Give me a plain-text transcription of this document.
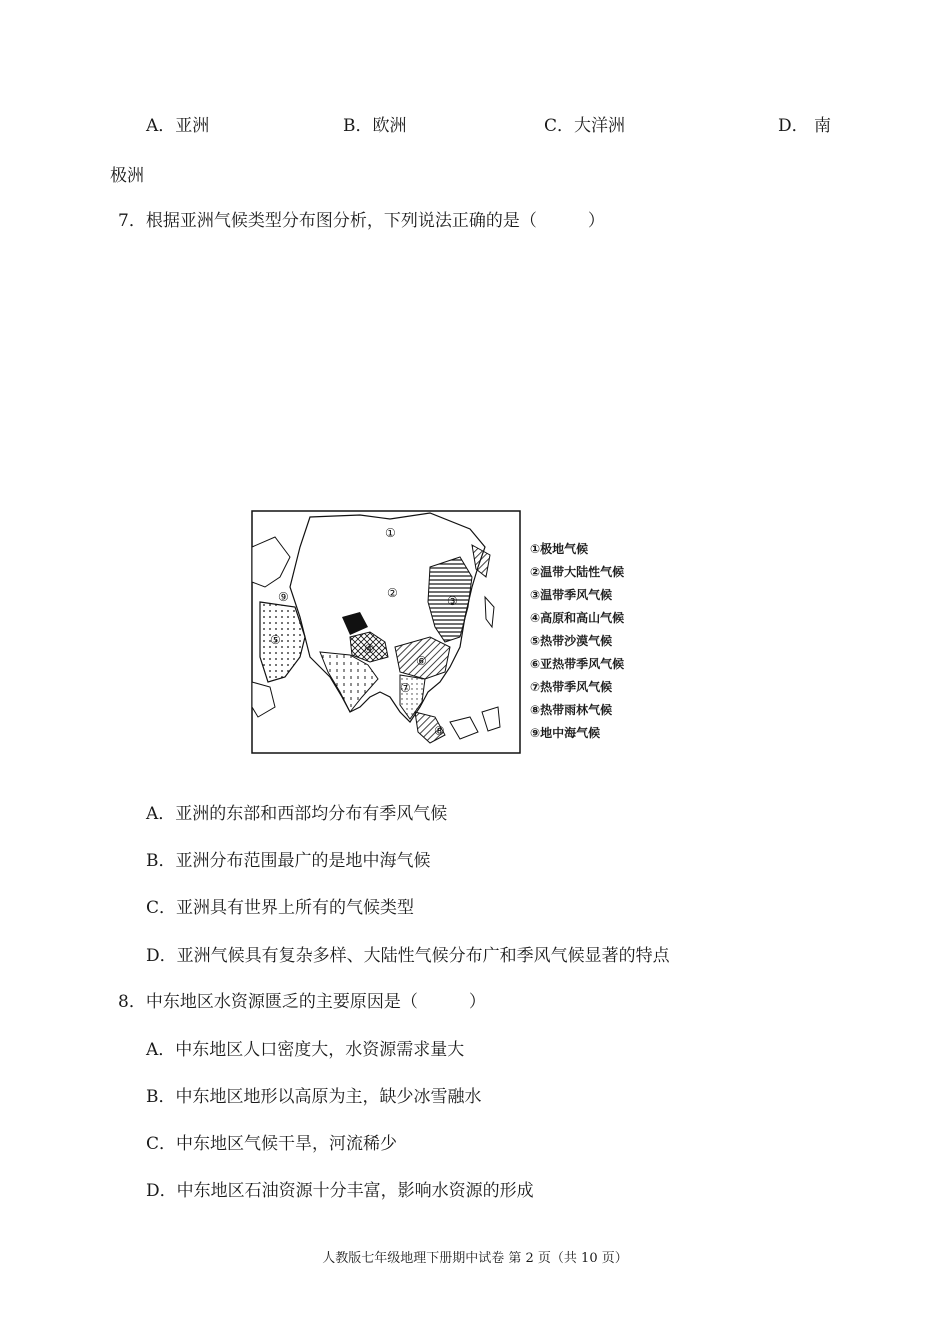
A．亚洲	B．欧洲	C．大洋洲	D． 南
极洲
7．根据亚洲气候类型分布图分析，下列说法正确的是（　　　）
①
②
③
④
⑤
⑥
⑦
⑧
⑨
①极地气候
②温带大陆性气候
③温带季风气候
④高原和高山气候
⑤热带沙漠气候
⑥亚热带季风气候
⑦热带季风气候
⑧热带雨林气候
⑨地中海气候
A．亚洲的东部和西部均分布有季风气候
B．亚洲分布范围最广的是地中海气候
C．亚洲具有世界上所有的气候类型
D．亚洲气候具有复杂多样、大陆性气候分布广和季风气候显著的特点
8．中东地区水资源匮乏的主要原因是（　　　）
A．中东地区人口密度大，水资源需求量大
B．中东地区地形以高原为主，缺少冰雪融水
C．中东地区气候干旱，河流稀少
D．中东地区石油资源十分丰富，影响水资源的形成
人教版七年级地理下册期中试卷 第 2 页（共 10 页）
